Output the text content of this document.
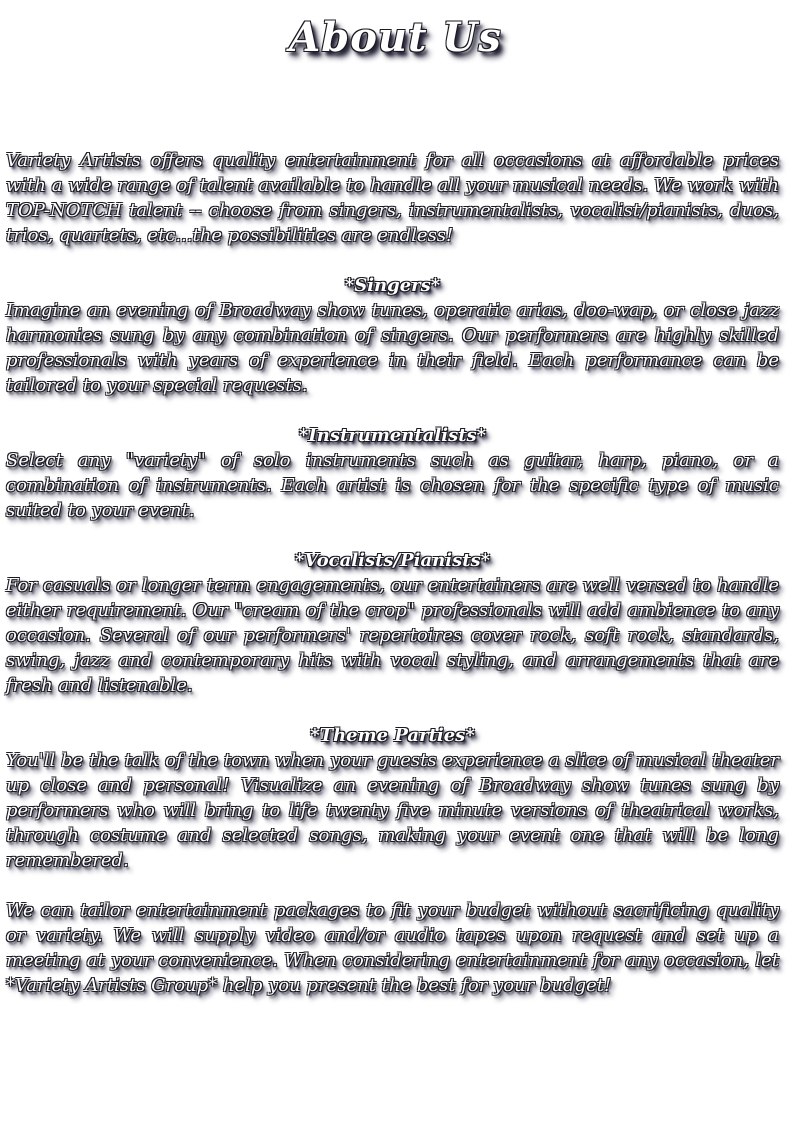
About Us

Variety Artists offers quality entertainment for all occasions at affordable prices with a wide range of talent available to handle all your musical needs. We work with TOP-NOTCH talent -- choose from singers, instrumentalists, vocalist/pianists, duos, trios, quartets, etc...the possibilities are endless!

*Singers*

Imagine an evening of Broadway show tunes, operatic arias, doo-wap, or close jazz harmonies sung by any combination of singers. Our performers are highly skilled professionals with years of experience in their field. Each performance can be tailored to your special requests.

*Instrumentalists*

Select any "variety" of solo instruments such as guitar, harp, piano, or a combination of instruments. Each artist is chosen for the specific type of music suited to your event.

*Vocalists/Pianists*

For casuals or longer term engagements, our entertainers are well versed to handle either requirement. Our "cream of the crop" professionals will add ambience to any occasion. Several of our performers' repertoires cover rock, soft rock, standards, swing, jazz and contemporary hits with vocal styling, and arrangements that are fresh and listenable.

*Theme Parties*

You'll be the talk of the town when your guests experience a slice of musical theater up close and personal! Visualize an evening of Broadway show tunes sung by performers who will bring to life twenty five minute versions of theatrical works, through costume and selected songs, making your event one that will be long remembered.

We can tailor entertainment packages to fit your budget without sacrificing quality or variety. We will supply video and/or audio tapes upon request and set up a meeting at your convenience. When considering entertainment for any occasion, let *Variety Artists Group* help you present the best for your budget!
